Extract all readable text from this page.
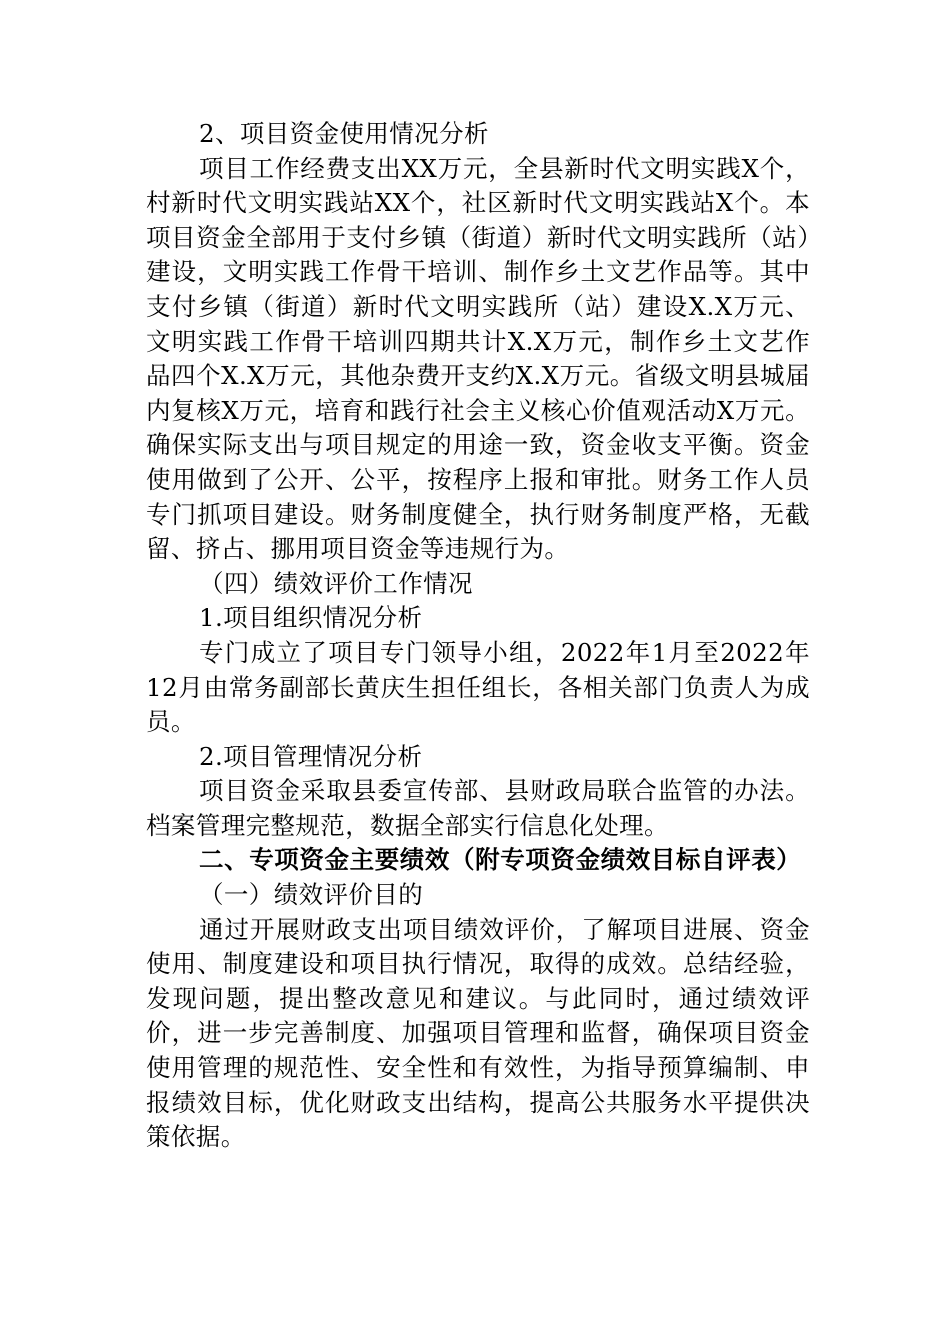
2、项目资金使用情况分析

项目工作经费支出XX万元，全县新时代文明实践X个，村新时代文明实践站XX个，社区新时代文明实践站X个。本项目资金全部用于支付乡镇（街道）新时代文明实践所（站）建设，文明实践工作骨干培训、制作乡土文艺作品等。其中支付乡镇（街道）新时代文明实践所（站）建设X.X万元、文明实践工作骨干培训四期共计X.X万元，制作乡土文艺作品四个X.X万元，其他杂费开支约X.X万元。省级文明县城届内复核X万元，培育和践行社会主义核心价值观活动X万元。确保实际支出与项目规定的用途一致，资金收支平衡。资金使用做到了公开、公平，按程序上报和审批。财务工作人员专门抓项目建设。财务制度健全，执行财务制度严格，无截留、挤占、挪用项目资金等违规行为。

（四）绩效评价工作情况

1.项目组织情况分析

专门成立了项目专门领导小组，2022年1月至2022年12月由常务副部长黄庆生担任组长，各相关部门负责人为成员。

2.项目管理情况分析

项目资金采取县委宣传部、县财政局联合监管的办法。档案管理完整规范，数据全部实行信息化处理。

二、专项资金主要绩效（附专项资金绩效目标自评表）

（一）绩效评价目的

通过开展财政支出项目绩效评价，了解项目进展、资金使用、制度建设和项目执行情况，取得的成效。总结经验，发现问题，提出整改意见和建议。与此同时，通过绩效评价，进一步完善制度、加强项目管理和监督，确保项目资金使用管理的规范性、安全性和有效性，为指导预算编制、申报绩效目标，优化财政支出结构，提高公共服务水平提供决策依据。
